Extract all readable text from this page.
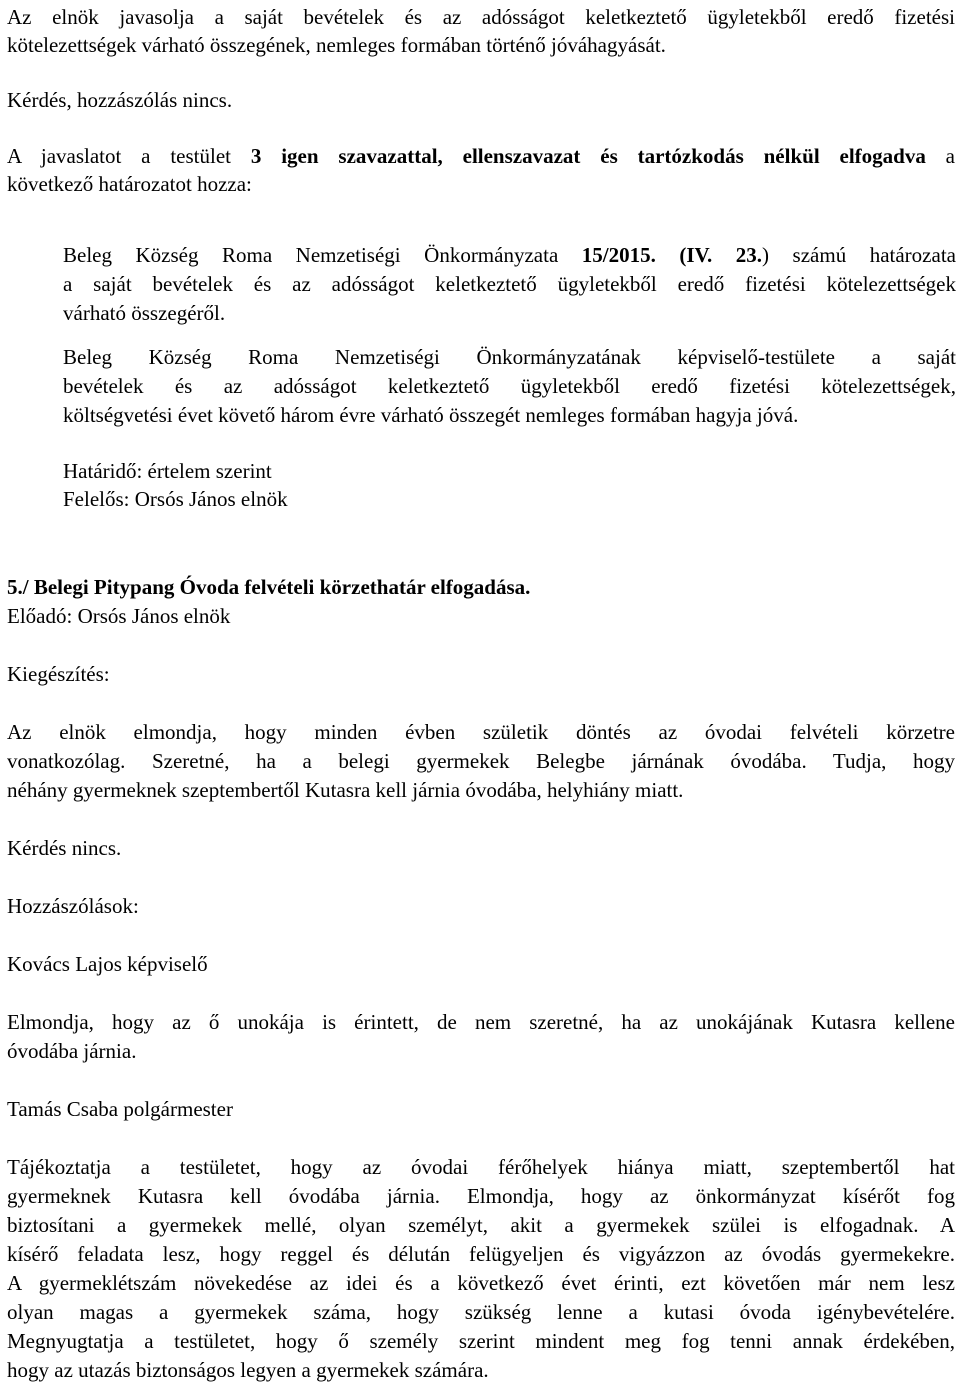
Az elnök javasolja a saját bevételek és az adósságot keletkeztető ügyletekből eredő fizetési
kötelezettségek várható összegének, nemleges formában történő jóváhagyását.
Kérdés, hozzászólás nincs.
A javaslatot a testület 3 igen szavazattal, ellenszavazat és tartózkodás nélkül elfogadva a
következő határozatot hozza:
Beleg Község Roma Nemzetiségi Önkormányzata 15/2015. (IV. 23.) számú határozata
a saját bevételek és az adósságot keletkeztető ügyletekből eredő fizetési kötelezettségek
várható összegéről.
Beleg Község Roma Nemzetiségi Önkormányzatának képviselő-testülete a saját
bevételek és az adósságot keletkeztető ügyletekből eredő fizetési kötelezettségek,
költségvetési évet követő három évre várható összegét nemleges formában hagyja jóvá.
Határidő: értelem szerint
Felelős: Orsós János elnök
5./ Belegi Pitypang Óvoda felvételi körzethatár elfogadása.
Előadó: Orsós János elnök
Kiegészítés:
Az elnök elmondja, hogy minden évben születik döntés az óvodai felvételi körzetre
vonatkozólag. Szeretné, ha a belegi gyermekek Belegbe járnának óvodába. Tudja, hogy
néhány gyermeknek szeptembertől Kutasra kell járnia óvodába, helyhiány miatt.
Kérdés nincs.
Hozzászólások:
Kovács Lajos képviselő
Elmondja, hogy az ő unokája is érintett, de nem szeretné, ha az unokájának Kutasra kellene
óvodába járnia.
Tamás Csaba polgármester
Tájékoztatja a testületet, hogy az óvodai férőhelyek hiánya miatt, szeptembertől hat
gyermeknek Kutasra kell óvodába járnia. Elmondja, hogy az önkormányzat kísérőt fog
biztosítani a gyermekek mellé, olyan személyt, akit a gyermekek szülei is elfogadnak. A
kísérő feladata lesz, hogy reggel és délután felügyeljen és vigyázzon az óvodás gyermekekre.
A gyermeklétszám növekedése az idei és a következő évet érinti, ezt követően már nem lesz
olyan magas a gyermekek száma, hogy szükség lenne a kutasi óvoda igénybevételére.
Megnyugtatja a testületet, hogy ő személy szerint mindent meg fog tenni annak érdekében,
hogy az utazás biztonságos legyen a gyermekek számára.
